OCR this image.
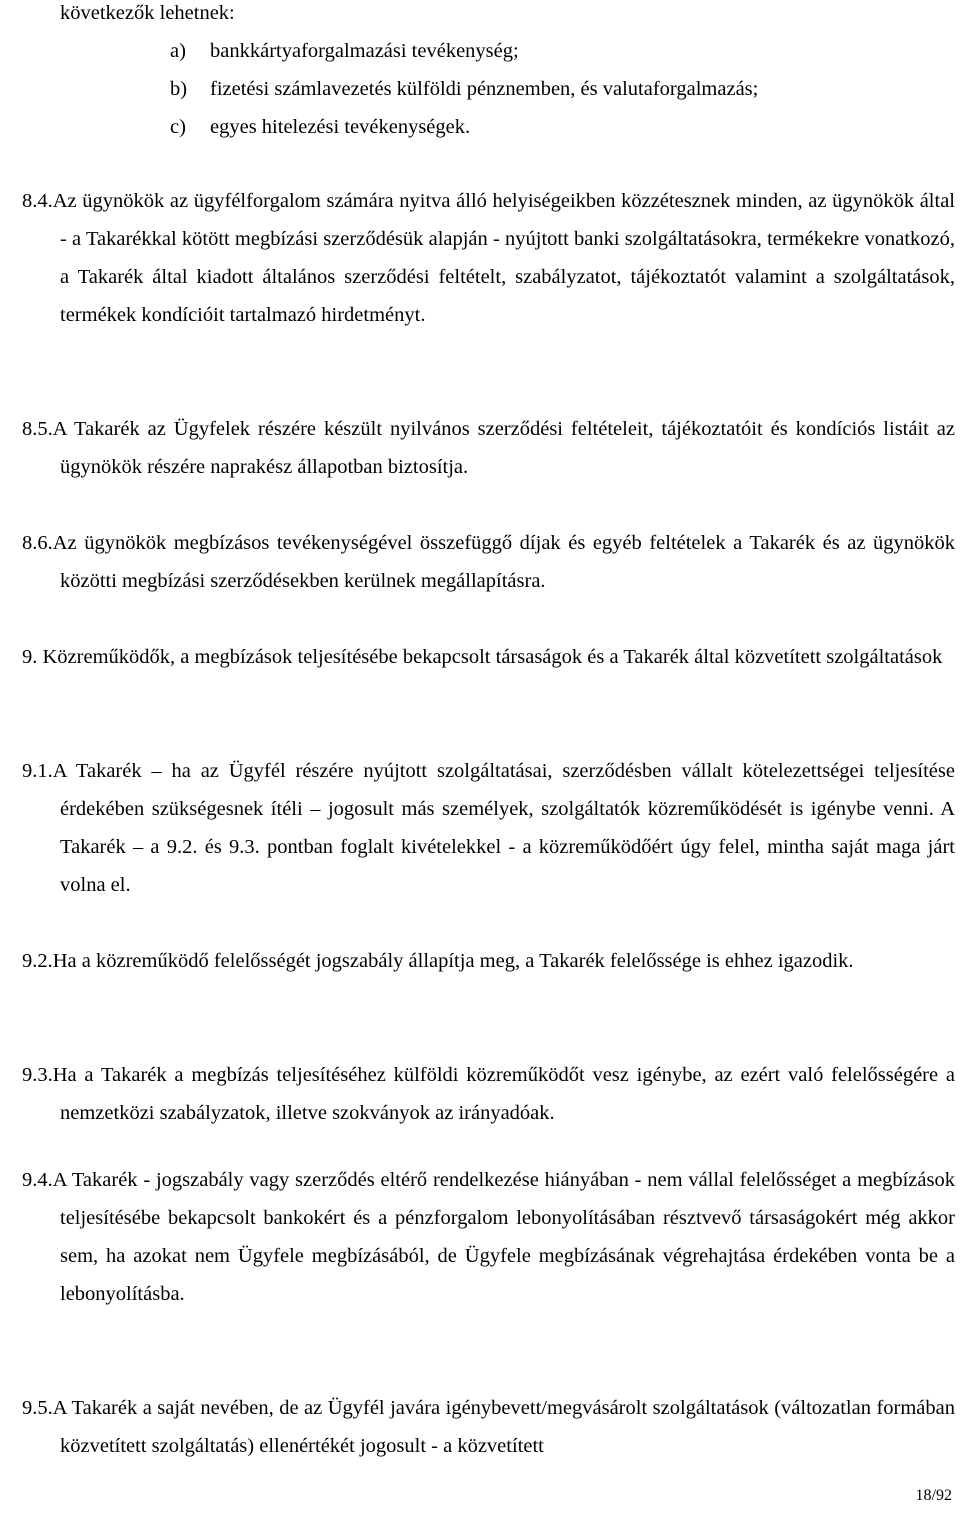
következők lehetnek:
a) bankkártyaforgalmazási tevékenység;
b) fizetési számlavezetés külföldi pénznemben, és valutaforgalmazás;
c) egyes hitelezési tevékenységek.
8.4.Az ügynökök az ügyfélforgalom számára nyitva álló helyiségeikben közzétesznek minden, az ügynökök által - a Takarékkal kötött megbízási szerződésük alapján - nyújtott banki szolgáltatásokra, termékekre vonatkozó, a Takarék által kiadott általános szerződési feltételt, szabályzatot, tájékoztatót valamint a szolgáltatások, termékek kondícióit tartalmazó hirdetményt.
8.5.A Takarék az Ügyfelek részére készült nyilvános szerződési feltételeit, tájékoztatóit és kondíciós listáit az ügynökök részére naprakész állapotban biztosítja.
8.6.Az ügynökök megbízásos tevékenységével összefüggő díjak és egyéb feltételek a Takarék és az ügynökök közötti megbízási szerződésekben kerülnek megállapításra.
9. Közreműködők, a megbízások teljesítésébe bekapcsolt társaságok és a Takarék által közvetített szolgáltatások
9.1.A Takarék – ha az Ügyfél részére nyújtott szolgáltatásai, szerződésben vállalt kötelezettségei teljesítése érdekében szükségesnek ítéli – jogosult más személyek, szolgáltatók közreműködését is igénybe venni. A Takarék – a 9.2. és 9.3. pontban foglalt kivételekkel - a közreműködőért úgy felel, mintha saját maga járt volna el.
9.2.Ha a közreműködő felelősségét jogszabály állapítja meg, a Takarék felelőssége is ehhez igazodik.
9.3.Ha a Takarék a megbízás teljesítéséhez külföldi közreműködőt vesz igénybe, az ezért való felelősségére a nemzetközi szabályzatok, illetve szokványok az irányadóak.
9.4.A Takarék - jogszabály vagy szerződés eltérő rendelkezése hiányában - nem vállal felelősséget a megbízások teljesítésébe bekapcsolt bankokért és a pénzforgalom lebonyolításában résztvevő társaságokért még akkor sem, ha azokat nem Ügyfele megbízásából, de Ügyfele megbízásának végrehajtása érdekében vonta be a lebonyolításba.
9.5.A Takarék a saját nevében, de az Ügyfél javára igénybevett/megvásárolt szolgáltatások (változatlan formában közvetített szolgáltatás) ellenértékét jogosult - a közvetített
18/92
